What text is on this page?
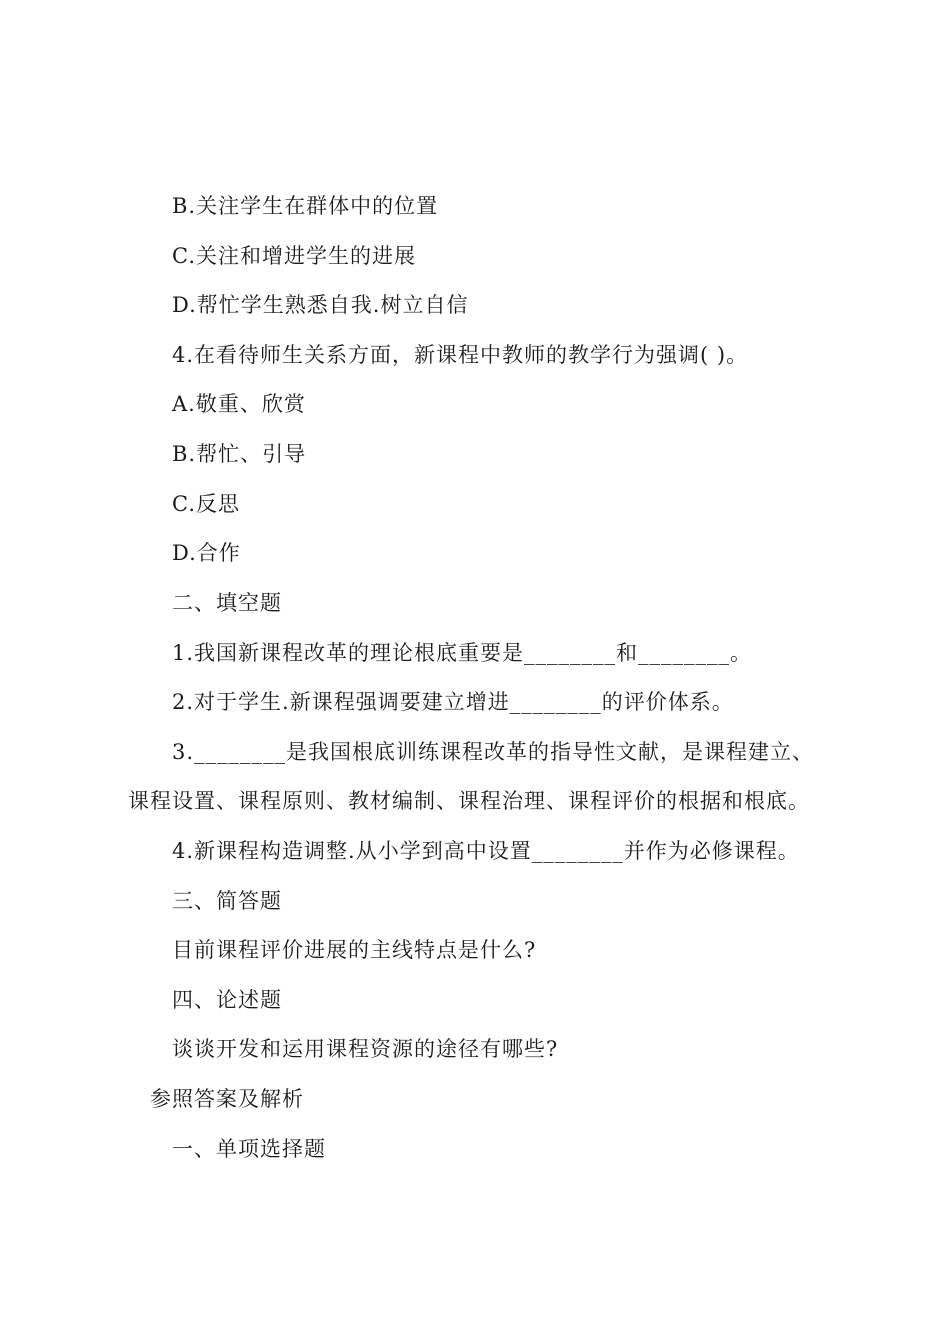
B.关注学生在群体中的位置
C.关注和增进学生的进展
D.帮忙学生熟悉自我.树立自信
4.在看待师生关系方面，新课程中教师的教学行为强调( )。
A.敬重、欣赏
B.帮忙、引导
C.反思
D.合作
二、填空题
1.我国新课程改革的理论根底重要是________和________。
2.对于学生.新课程强调要建立增进________的评价体系。
3.________是我国根底训练课程改革的指导性文献，是课程建立、
课程设置、课程原则、教材编制、课程治理、课程评价的根据和根底。
4.新课程构造调整.从小学到高中设置________并作为必修课程。
三、简答题
目前课程评价进展的主线特点是什么?
四、论述题
谈谈开发和运用课程资源的途径有哪些?
参照答案及解析
一、单项选择题
